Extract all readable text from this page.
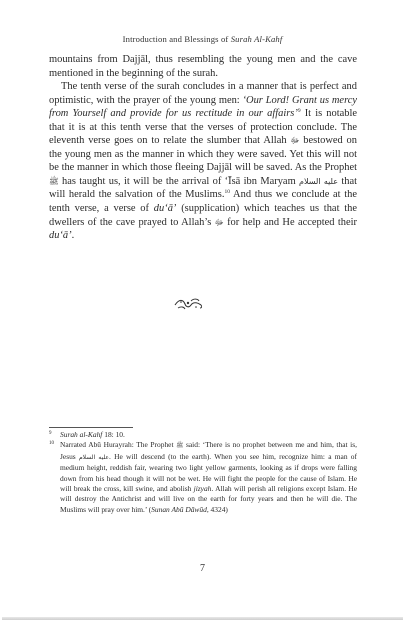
Introduction and Blessings of Surah Al-Kahf

mountains from Dajjāl, thus resembling the young men and the cave mentioned in the beginning of the surah.

The tenth verse of the surah concludes in a manner that is perfect and optimistic, with the prayer of the young men: ‘Our Lord! Grant us mercy from Yourself and provide for us rectitude in our affairs’$^9$ It is notable that it is at this tenth verse that the verses of protection conclude. The eleventh verse goes on to relate the slumber that Allah ﷻ bestowed on the young men as the manner in which they were saved. Yet this will not be the manner in which those fleeing Dajjāl will be saved. As the Prophet ﷺ has taught us, it will be the arrival of ‘Īsā ibn Maryam عليه السلام that will herald the salvation of the Muslims.$^{10}$ And thus we conclude at the tenth verse, a verse of du‘ā’ (supplication) which teaches us that the dwellers of the cave prayed to Allah’s ﷻ for help and He accepted their du‘ā’.

9 Surah al-Kahf 18: 10.
10 Narrated Abū Hurayrah: The Prophet ﷺ said: ‘There is no prophet between me and him, that is, Jesus عليه السلام. He will descend (to the earth). When you see him, recognize him: a man of medium height, reddish fair, wearing two light yellow garments, looking as if drops were falling down from his head though it will not be wet. He will fight the people for the cause of Islam. He will break the cross, kill swine, and abolish jizyah. Allah will perish all religions except Islam. He will destroy the Antichrist and will live on the earth for forty years and then he will die. The Muslims will pray over him.’ (Sunan Abū Dāwūd, 4324)
7
